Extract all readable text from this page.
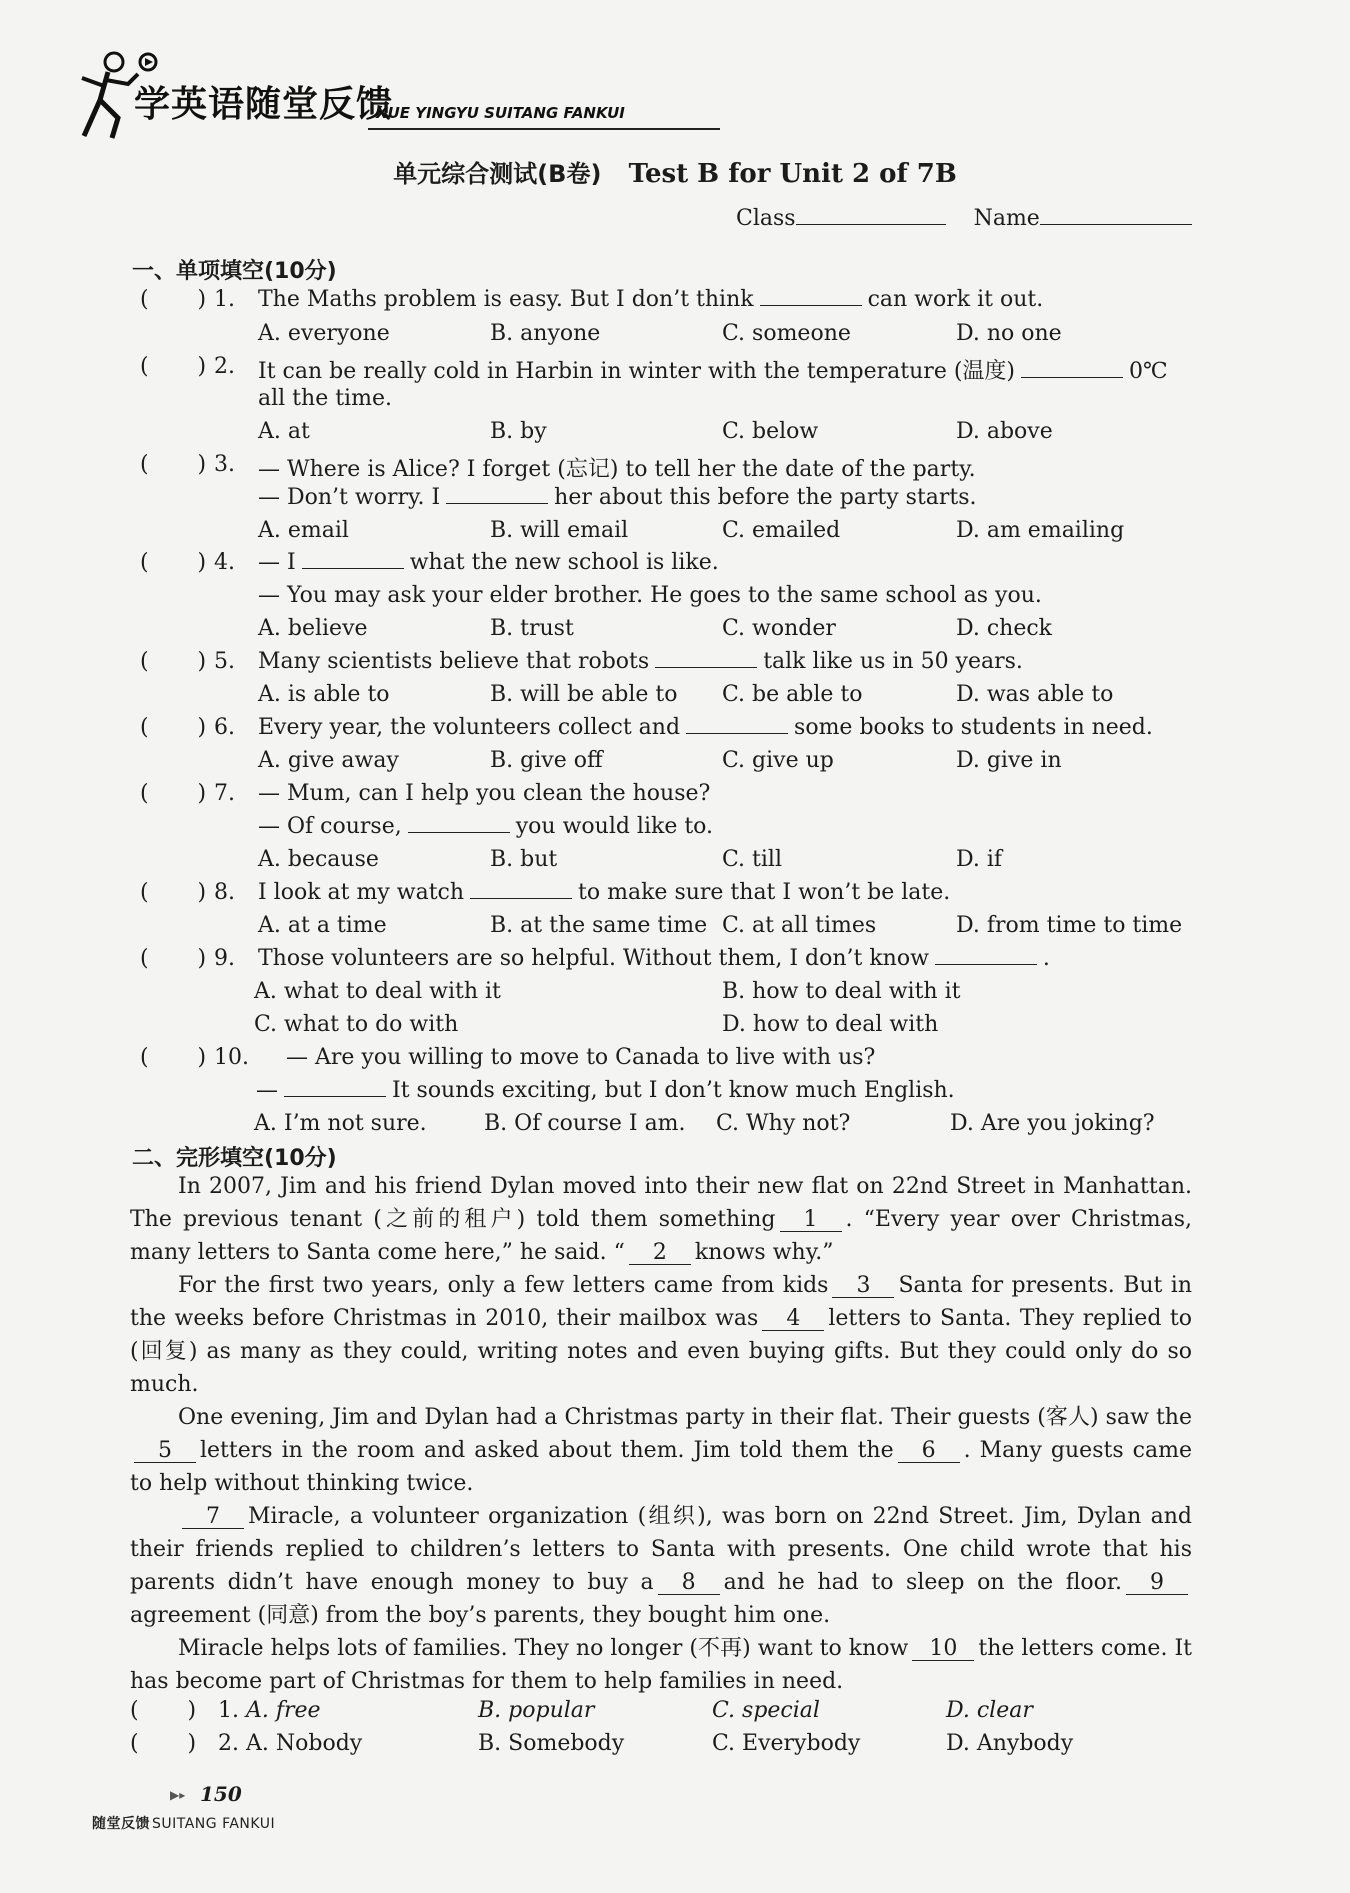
学英语随堂反馈
XUE YINGYU SUITANG FANKUI
单元综合测试(B卷) Test B for Unit 2 of 7B
Class	Name
一、单项填空(10分)
(       ) 1. The Maths problem is easy. But I don’t think	can work it out.
A. everyone	B. anyone	C. someone	D. no one
(       ) 2. It can be really cold in Harbin in winter with the temperature (温度)	0℃
all the time.
A. at	B. by	C. below	D. above
(       ) 3. — Where is Alice? I forget (忘记) to tell her the date of the party.
— Don’t worry. I	her about this before the party starts.
A. email	B. will email	C. emailed	D. am emailing
(       ) 4. — I	what the new school is like.
— You may ask your elder brother. He goes to the same school as you.
A. believe	B. trust	C. wonder	D. check
(       ) 5. Many scientists believe that robots	talk like us in 50 years.
A. is able to	B. will be able to C. be able to	D. was able to
(       ) 6. Every year, the volunteers collect and	some books to students in need.
A. give away	B. give off	C. give up	D. give in
(       ) 7. — Mum, can I help you clean the house?
— Of course,	you would like to.
A. because	B. but	C. till	D. if
(       ) 8. I look at my watch	to make sure that I won’t be late.
A. at a time	B. at the same time C. at all times	D. from time to time
(       ) 9. Those volunteers are so helpful. Without them, I don’t know	.
A. what to deal with it	B. how to deal with it
C. what to do with	D. how to deal with
(       ) 10. — Are you willing to move to Canada to live with us?
—	It sounds exciting, but I don’t know much English.
A. I’m not sure.	B. Of course I am. C. Why not?	D. Are you joking?
二、完形填空(10分)
In 2007, Jim and his friend Dylan moved into their new flat on 22nd Street in Manhattan. The previous tenant (之前的租户) told them something 1 . “Every year over Christmas, many letters to Santa come here,” he said. “ 2 knows why.”
For the first two years, only a few letters came from kids 3 Santa for presents. But in the weeks before Christmas in 2010, their mailbox was 4 letters to Santa. They replied to (回复) as many as they could, writing notes and even buying gifts. But they could only do so much.
One evening, Jim and Dylan had a Christmas party in their flat. Their guests (客人) saw the5 letters in the room and asked about them. Jim told them the 6 . Many guests came to help without thinking twice.
7 Miracle, a volunteer organization (组织), was born on 22nd Street. Jim, Dylan and their friends replied to children’s letters to Santa with presents. One child wrote that his parents didn’t have enough money to buy a 8 and he had to sleep on the floor. 9agreement (同意) from the boy’s parents, they bought him one.
Miracle helps lots of families. They no longer (不再) want to know 10 the letters come. It has become part of Christmas for them to help families in need.
(       ) 1. A. free	B. popular	C. special	D. clear
(       ) 2. A. Nobody	B. Somebody	C. Everybody	D. Anybody
▶▸ 150
随堂反馈 SUITANG FANKUI
